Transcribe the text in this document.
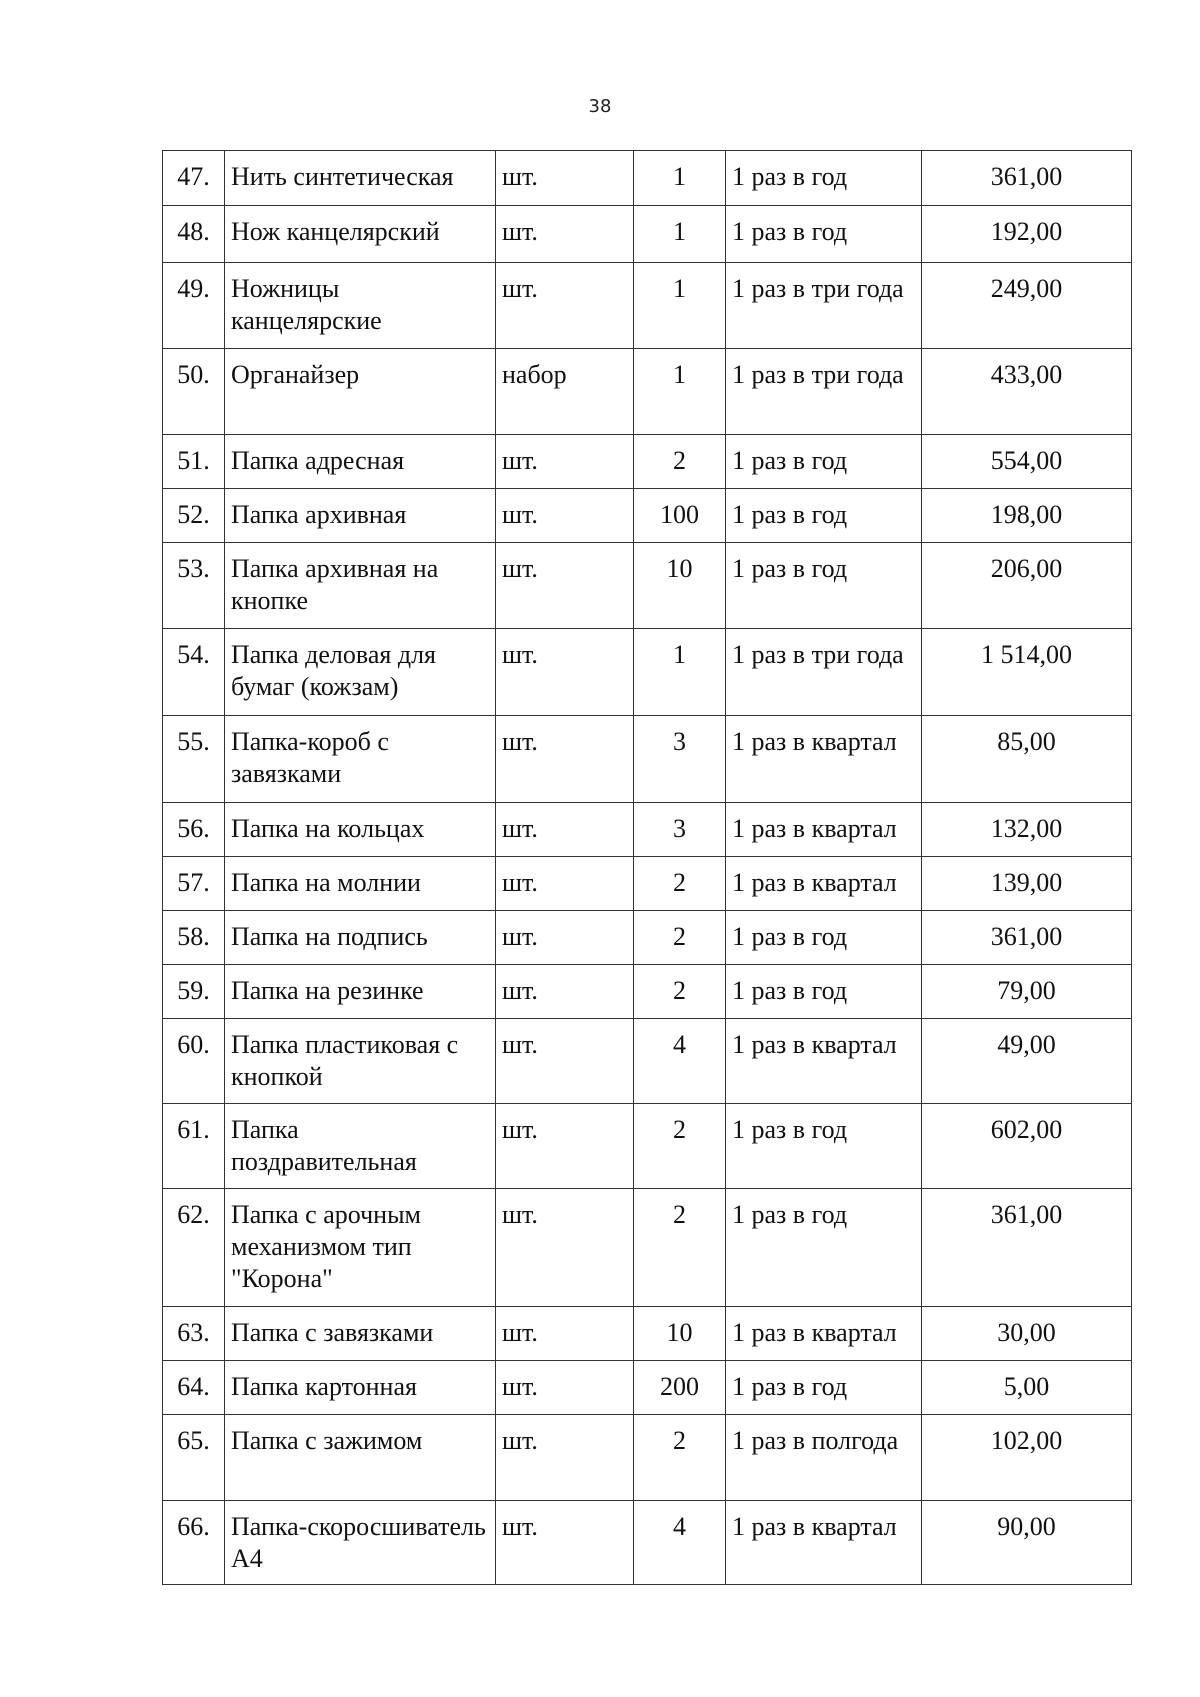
38
47.	Нить синтетическая	шт.	1	1 раз в год	361,00
48.	Нож канцелярский	шт.	1	1 раз в год	192,00
49.	Ножницы канцелярские	шт.	1	1 раз в три года	249,00
50.	Органайзер	набор	1	1 раз в три года	433,00
51.	Папка адресная	шт.	2	1 раз в год	554,00
52.	Папка архивная	шт.	100	1 раз в год	198,00
53.	Папка архивная на кнопке	шт.	10	1 раз в год	206,00
54.	Папка деловая для бумаг (кожзам)	шт.	1	1 раз в три года	1 514,00
55.	Папка-короб с завязками	шт.	3	1 раз в квартал	85,00
56.	Папка на кольцах	шт.	3	1 раз в квартал	132,00
57.	Папка на молнии	шт.	2	1 раз в квартал	139,00
58.	Папка на подпись	шт.	2	1 раз в год	361,00
59.	Папка на резинке	шт.	2	1 раз в год	79,00
60.	Папка пластиковая с кнопкой	шт.	4	1 раз в квартал	49,00
61.	Папка поздравительная	шт.	2	1 раз в год	602,00
62.	Папка с арочным механизмом тип "Корона"	шт.	2	1 раз в год	361,00
63.	Папка с завязками	шт.	10	1 раз в квартал	30,00
64.	Папка картонная	шт.	200	1 раз в год	5,00
65.	Папка с зажимом	шт.	2	1 раз в полгода	102,00
66.	Папка-скоросшиватель А4	шт.	4	1 раз в квартал	90,00
